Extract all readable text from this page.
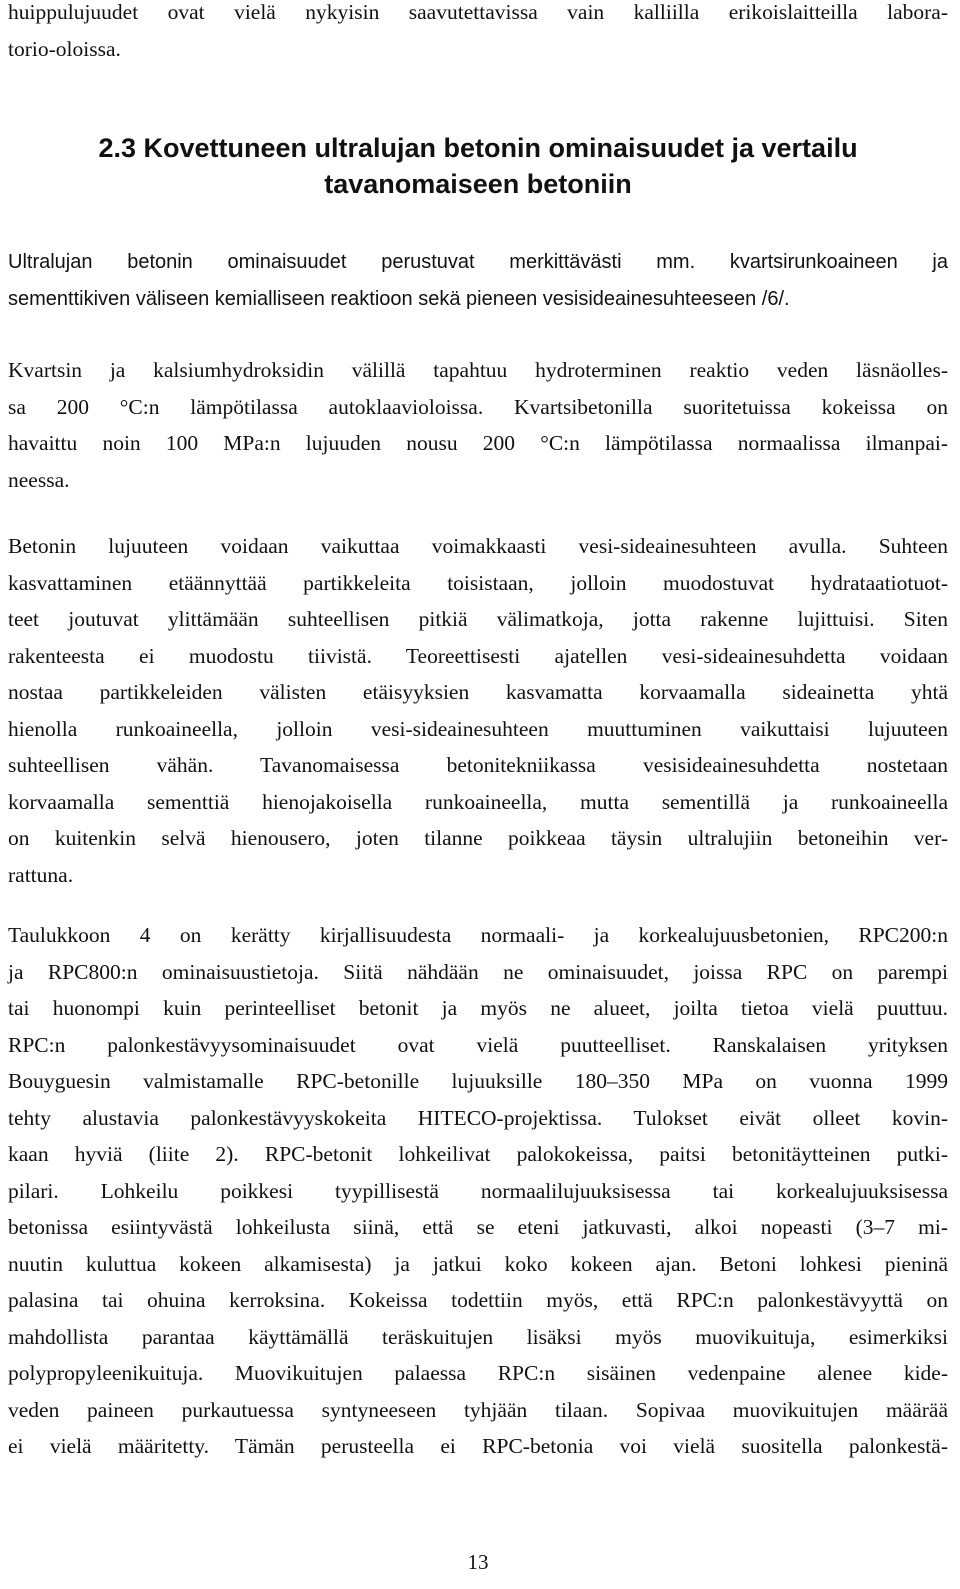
huippulujuudet ovat vielä nykyisin saavutettavissa vain kalliilla erikoislaitteilla labora-
torio-oloissa.
2.3 Kovettuneen ultralujan betonin ominaisuudet ja vertailu
tavanomaiseen betoniin
Ultralujan betonin ominaisuudet perustuvat merkittävästi mm. kvartsirunkoaineen ja
sementtikiven väliseen kemialliseen reaktioon sekä pieneen vesisideainesuhteeseen /6/.
Kvartsin ja kalsiumhydroksidin välillä tapahtuu hydroterminen reaktio veden läsnäolles-
sa 200 °C:n lämpötilassa autoklaavioloissa. Kvartsibetonilla suoritetuissa kokeissa on
havaittu noin 100 MPa:n lujuuden nousu 200 °C:n lämpötilassa normaalissa ilmanpai-
neessa.
Betonin lujuuteen voidaan vaikuttaa voimakkaasti vesi-sideainesuhteen avulla. Suhteen
kasvattaminen etäännyttää partikkeleita toisistaan, jolloin muodostuvat hydrataatiotuot-
teet joutuvat ylittämään suhteellisen pitkiä välimatkoja, jotta rakenne lujittuisi. Siten
rakenteesta ei muodostu tiivistä. Teoreettisesti ajatellen vesi-sideainesuhdetta voidaan
nostaa partikkeleiden välisten etäisyyksien kasvamatta korvaamalla sideainetta yhtä
hienolla runkoaineella, jolloin vesi-sideainesuhteen muuttuminen vaikuttaisi lujuuteen
suhteellisen vähän. Tavanomaisessa betonitekniikassa vesisideainesuhdetta nostetaan
korvaamalla sementtiä hienojakoisella runkoaineella, mutta sementillä ja runkoaineella
on kuitenkin selvä hienousero, joten tilanne poikkeaa täysin ultralujiin betoneihin ver-
rattuna.
Taulukkoon 4 on kerätty kirjallisuudesta normaali- ja korkealujuusbetonien, RPC200:n
ja RPC800:n ominaisuustietoja. Siitä nähdään ne ominaisuudet, joissa RPC on parempi
tai huonompi kuin perinteelliset betonit ja myös ne alueet, joilta tietoa vielä puuttuu.
RPC:n palonkestävyysominaisuudet ovat vielä puutteelliset. Ranskalaisen yrityksen
Bouyguesin valmistamalle RPC-betonille lujuuksille 180–350 MPa on vuonna 1999
tehty alustavia palonkestävyyskokeita HITECO-projektissa. Tulokset eivät olleet kovin-
kaan hyviä (liite 2). RPC-betonit lohkeilivat palokokeissa, paitsi betonitäytteinen putki-
pilari. Lohkeilu poikkesi tyypillisestä normaalilujuuksisessa tai korkealujuuksisessa
betonissa esiintyvästä lohkeilusta siinä, että se eteni jatkuvasti, alkoi nopeasti (3–7 mi-
nuutin kuluttua kokeen alkamisesta) ja jatkui koko kokeen ajan. Betoni lohkesi pieninä
palasina tai ohuina kerroksina. Kokeissa todettiin myös, että RPC:n palonkestävyyttä on
mahdollista parantaa käyttämällä teräskuitujen lisäksi myös muovikuituja, esimerkiksi
polypropyleenikuituja. Muovikuitujen palaessa RPC:n sisäinen vedenpaine alenee kide-
veden paineen purkautuessa syntyneeseen tyhjään tilaan. Sopivaa muovikuitujen määrää
ei vielä määritetty. Tämän perusteella ei RPC-betonia voi vielä suositella palonkestä-
13
